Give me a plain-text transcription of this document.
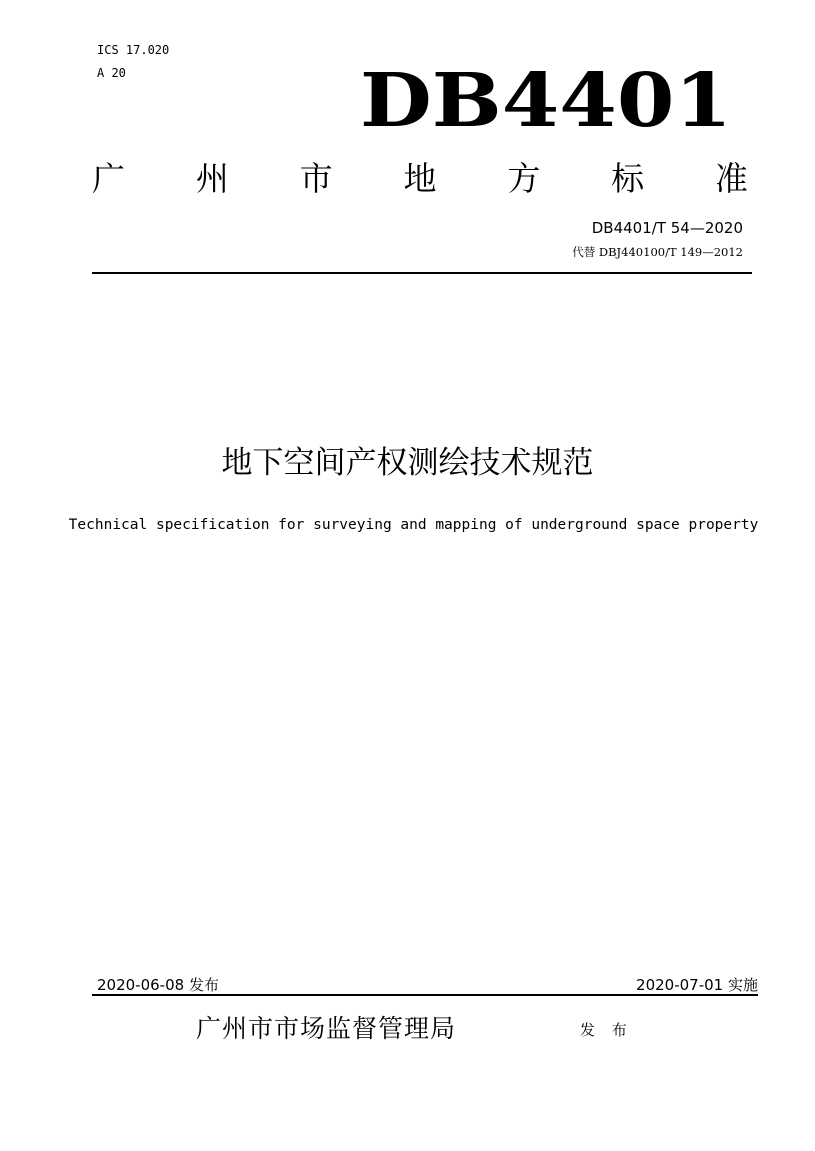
ICS 17.020
A 20	DB4401
广 州 市 地 方 标 准
DB4401/T 54—2020
代替 DBJ440100/T 149—2012
地下空间产权测绘技术规范
Technical specification for surveying and mapping of underground space property
2020-06-08 发布	2020-07-01 实施
广州市市场监督管理局	发 布
